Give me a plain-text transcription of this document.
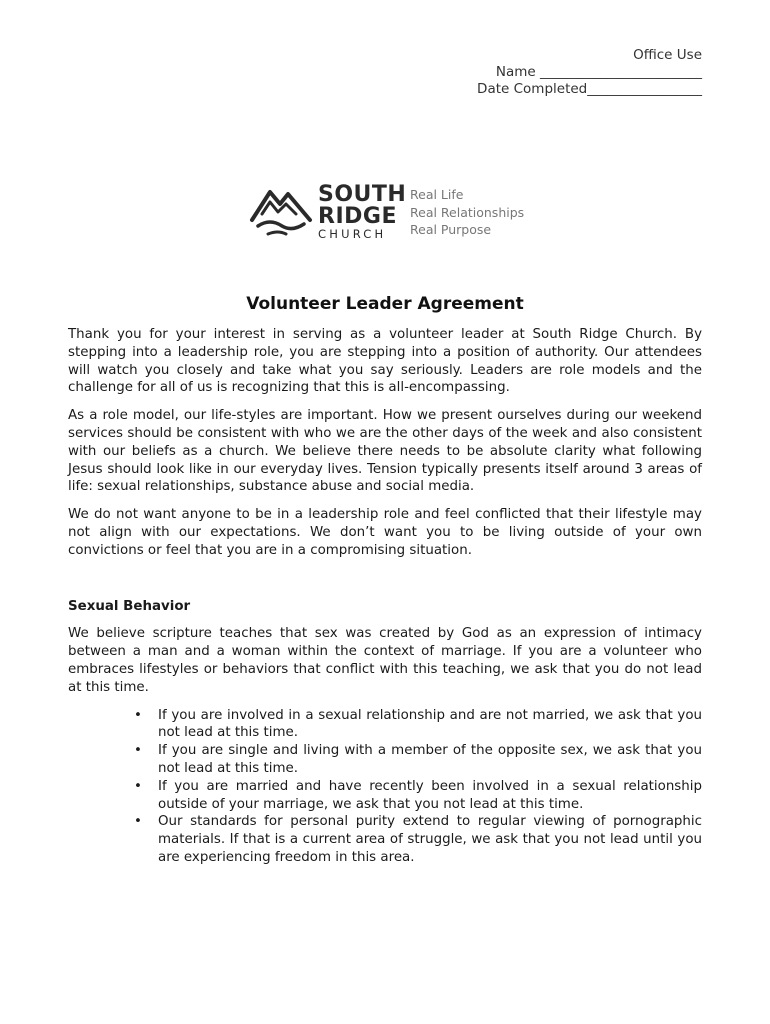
Office Use
Name ________________________
Date Completed_________________
SOUTH
RIDGE
CHURCH
Real Life
Real Relationships
Real Purpose
Volunteer Leader Agreement

Thank you for your interest in serving as a volunteer leader at South Ridge Church. By stepping into a leadership role, you are stepping into a position of authority. Our attendees will watch you closely and take what you say seriously. Leaders are role models and the challenge for all of us is recognizing that this is all-encompassing.

As a role model, our life-styles are important. How we present ourselves during our weekend services should be consistent with who we are the other days of the week and also consistent with our beliefs as a church. We believe there needs to be absolute clarity what following Jesus should look like in our everyday lives. Tension typically presents itself around 3 areas of life: sexual relationships, substance abuse and social media.

We do not want anyone to be in a leadership role and feel conflicted that their lifestyle may not align with our expectations. We don’t want you to be living outside of your own convictions or feel that you are in a compromising situation.

Sexual Behavior

We believe scripture teaches that sex was created by God as an expression of intimacy between a man and a woman within the context of marriage. If you are a volunteer who embraces lifestyles or behaviors that conflict with this teaching, we ask that you do not lead at this time.

• If you are involved in a sexual relationship and are not married, we ask that you not lead at this time.
• If you are single and living with a member of the opposite sex, we ask that you not lead at this time.
• If you are married and have recently been involved in a sexual relationship outside of your marriage, we ask that you not lead at this time.
• Our standards for personal purity extend to regular viewing of pornographic materials. If that is a current area of struggle, we ask that you not lead until you are experiencing freedom in this area.
